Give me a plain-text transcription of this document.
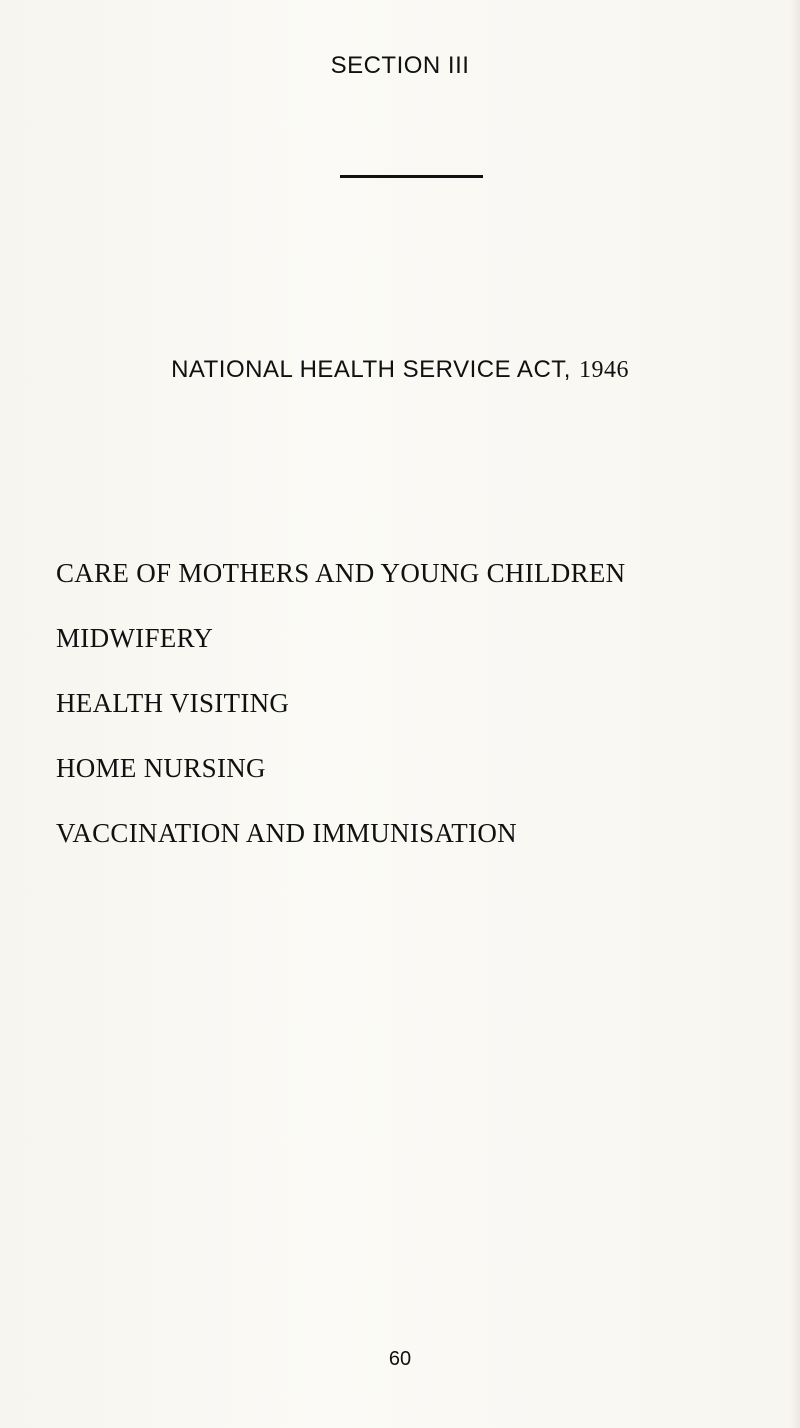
SECTION III
NATIONAL HEALTH SERVICE ACT, 1946
CARE OF MOTHERS AND YOUNG CHILDREN
MIDWIFERY
HEALTH VISITING
HOME NURSING
VACCINATION AND IMMUNISATION
60
